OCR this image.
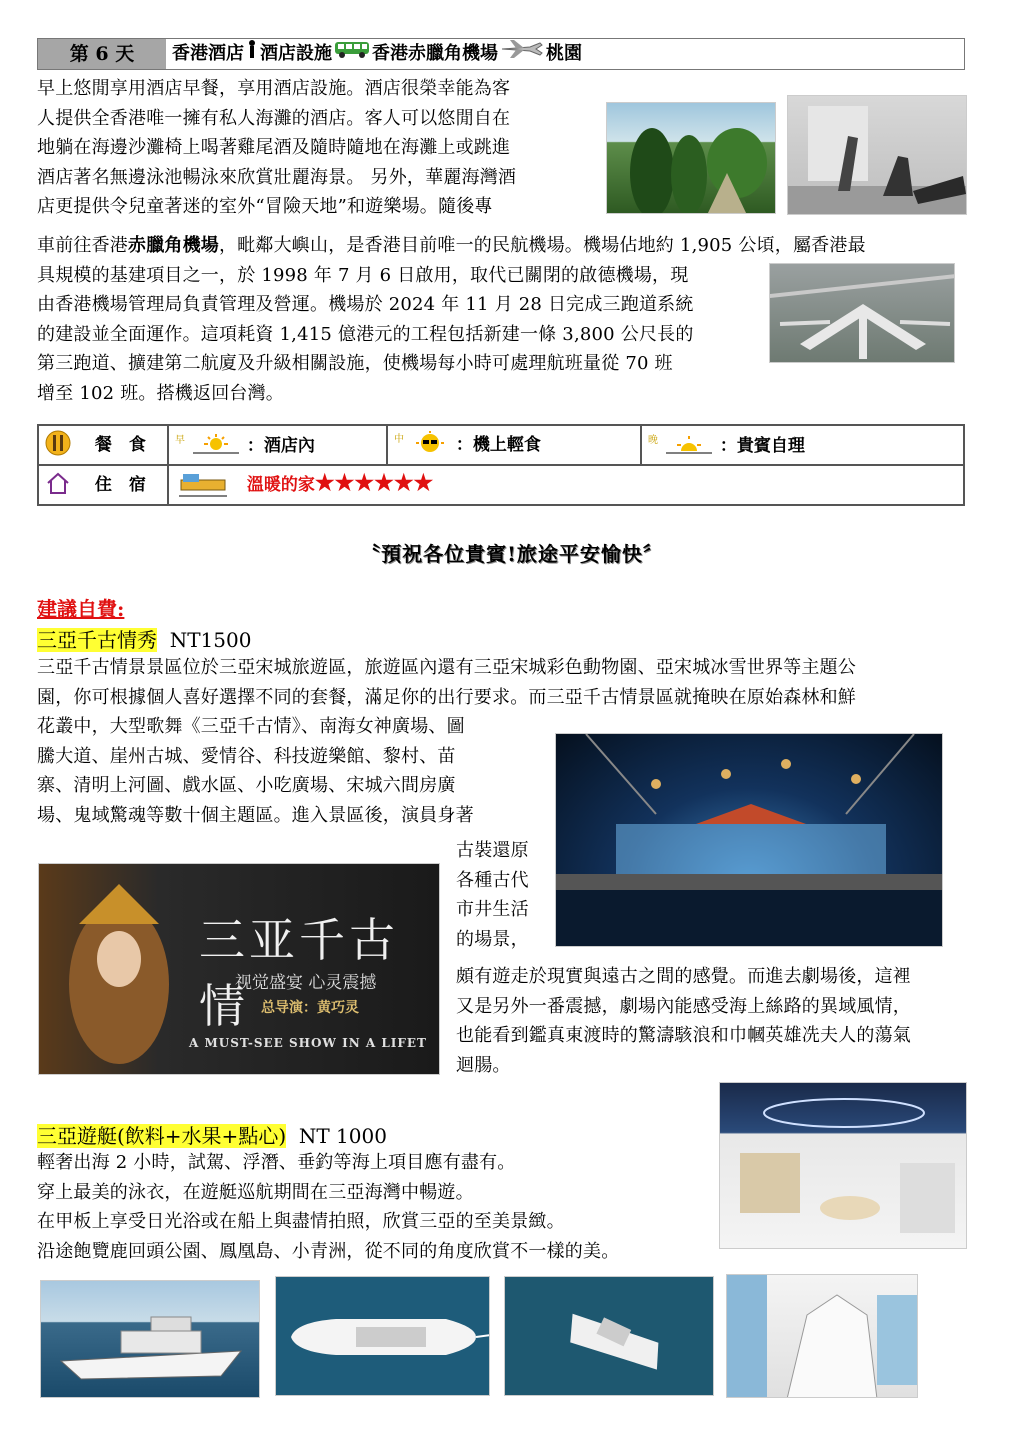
第 6 天	香港酒店 酒店設施 香港赤臘角機場	桃園
早上悠閒享用酒店早餐，享用酒店設施。酒店很榮幸能為客
人提供全香港唯一擁有私人海灘的酒店。客人可以悠閒自在
地躺在海邊沙灘椅上喝著雞尾酒及隨時隨地在海灘上或跳進
酒店著名無邊泳池暢泳來欣賞壯麗海景。 另外，華麗海灣酒
店更提供令兒童著迷的室外“冒險天地”和遊樂場。隨後專
車前往香港赤臘角機場，毗鄰大嶼山，是香港目前唯一的民航機場。機場佔地約 1,905 公頃，屬香港最
具規模的基建項目之一，於 1998 年 7 月 6 日啟用，取代已關閉的啟德機場，現
由香港機場管理局負責管理及營運。機場於 2024 年 11 月 28 日完成三跑道系統
的建設並全面運作。這項耗資 1,415 億港元的工程包括新建一條 3,800 公尺長的
第三跑道、擴建第二航廈及升級相關設施，使機場每小時可處理航班量從 70 班
增至 102 班。搭機返回台灣。
餐　食	$^早$ ：酒店內	$^中$ ：機上輕食	$^晚$ ：貴賓自理
住　宿	溫暖的家★★★★★★		
〝預祝各位貴賓!旅途平安愉快〞
建議自費:
三亞千古情秀 NT1500
三亞千古情景景區位於三亞宋城旅遊區，旅遊區內還有三亞宋城彩色動物園、亞宋城冰雪世界等主題公
園，你可根據個人喜好選擇不同的套餐，滿足你的出行要求。而三亞千古情景區就掩映在原始森林和鮮
花叢中，大型歌舞《三亞千古情》、南海女神廣場、圖
騰大道、崖州古城、愛情谷、科技遊樂館、黎村、苗
寨、清明上河圖、戲水區、小吃廣場、宋城六間房廣
場、鬼域驚魂等數十個主題區。進入景區後，演員身著
古裝還原
各種古代
市井生活
的場景，
頗有遊走於現實與遠古之間的感覺。而進去劇場後，這裡
又是另外一番震撼，劇場內能感受海上絲路的異域風情，
也能看到鑑真東渡時的驚濤駭浪和巾幗英雄冼夫人的蕩氣
迴腸。
三亚千古情
视觉盛宴 心灵震撼
总导演：黄巧灵
A MUST-SEE SHOW IN A LIFET
三亞遊艇(飲料+水果+點心) NT 1000
輕奢出海 2 小時，試駕、浮潛、垂釣等海上項目應有盡有。
穿上最美的泳衣，在遊艇巡航期間在三亞海灣中暢遊。
在甲板上享受日光浴或在船上與盡情拍照，欣賞三亞的至美景緻。
沿途飽覽鹿回頭公園、鳳凰島、小青洲，從不同的角度欣賞不一樣的美。
